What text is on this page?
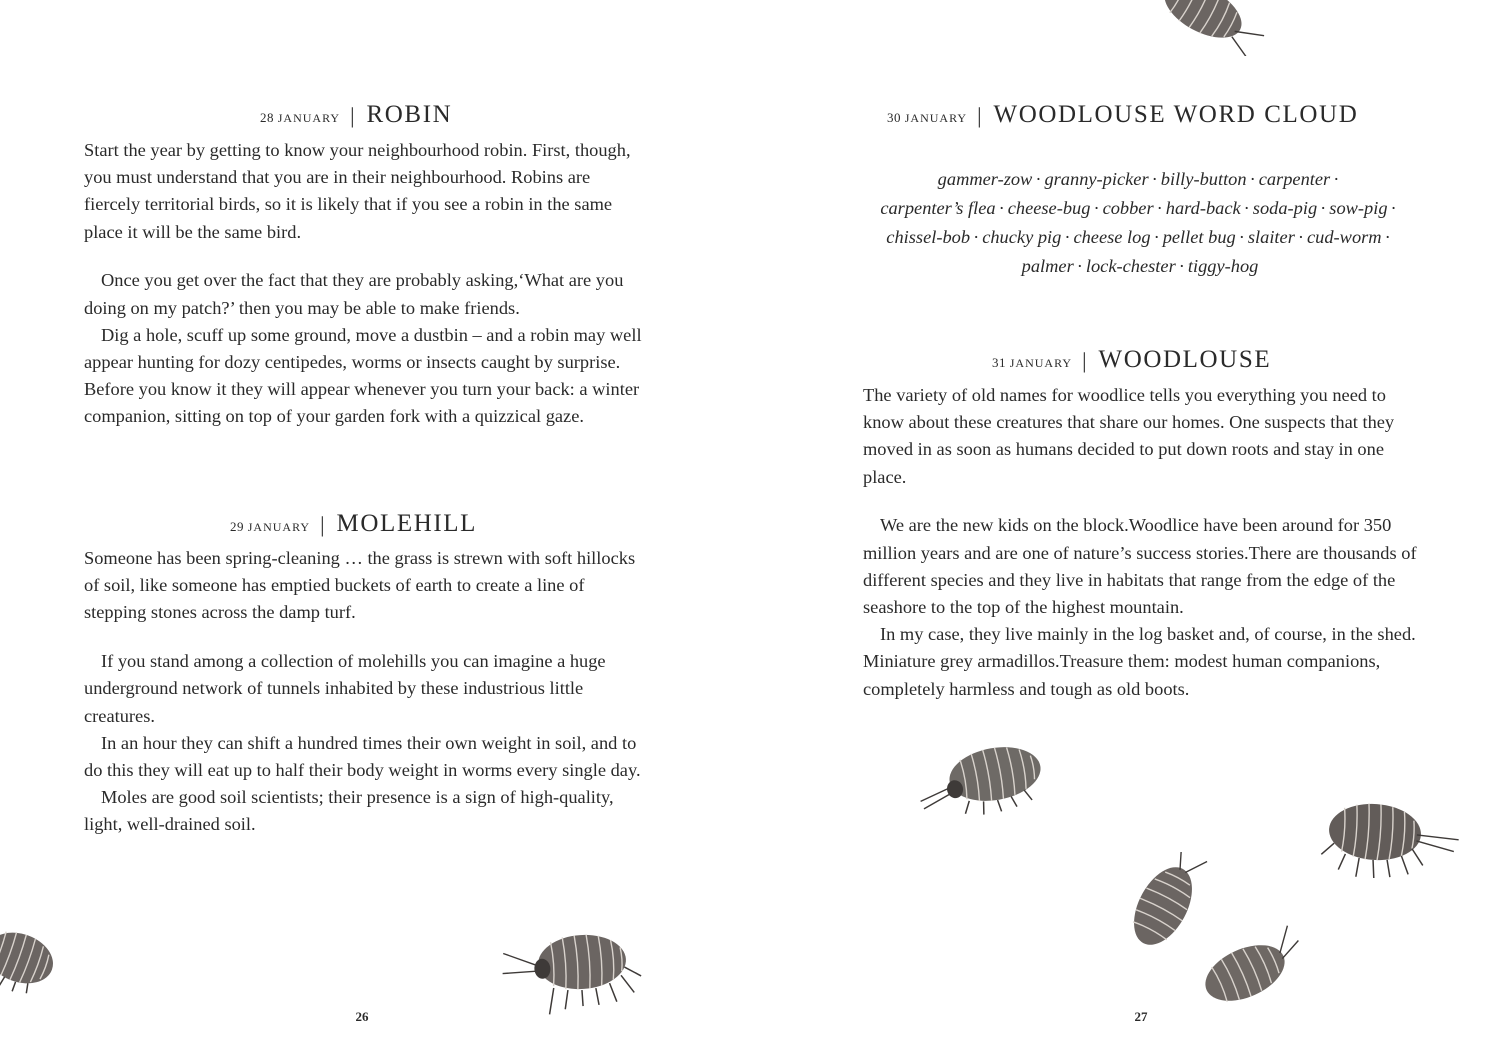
28 JANUARY | ROBIN

Start the year by getting to know your neighbourhood robin. First, though, you must understand that you are in their neighbourhood. Robins are fiercely territorial birds, so it is likely that if you see a robin in the same place it will be the same bird.

Once you get over the fact that they are probably asking,‘What are you doing on my patch?’ then you may be able to make friends.

Dig a hole, scuff up some ground, move a dustbin – and a robin may well appear hunting for dozy centipedes, worms or insects caught by surprise. Before you know it they will appear whenever you turn your back: a winter companion, sitting on top of your garden fork with a quizzical gaze.

29 JANUARY | MOLEHILL

Someone has been spring-cleaning … the grass is strewn with soft hillocks of soil, like someone has emptied buckets of earth to create a line of stepping stones across the damp turf.

If you stand among a collection of molehills you can imagine a huge underground network of tunnels inhabited by these industrious little creatures.

In an hour they can shift a hundred times their own weight in soil, and to do this they will eat up to half their body weight in worms every single day.

Moles are good soil scientists; their presence is a sign of high-quality, light, well-drained soil.

26
30 JANUARY | WOODLOUSE WORD CLOUD
gammer-zow · granny-picker · billy-button · carpenter ·
carpenter’s flea · cheese-bug · cobber · hard-back · soda-pig · sow-pig ·
chissel-bob · chucky pig · cheese log · pellet bug · slaiter · cud-worm ·
palmer · lock-chester · tiggy-hog
31 JANUARY | WOODLOUSE

The variety of old names for woodlice tells you everything you need to know about these creatures that share our homes. One suspects that they moved in as soon as humans decided to put down roots and stay in one place.

We are the new kids on the block.Woodlice have been around for 350 million years and are one of nature’s success stories.There are thousands of different species and they live in habitats that range from the edge of the seashore to the top of the highest mountain.

In my case, they live mainly in the log basket and, of course, in the shed. Miniature grey armadillos.Treasure them: modest human companions, completely harmless and tough as old boots.

27
